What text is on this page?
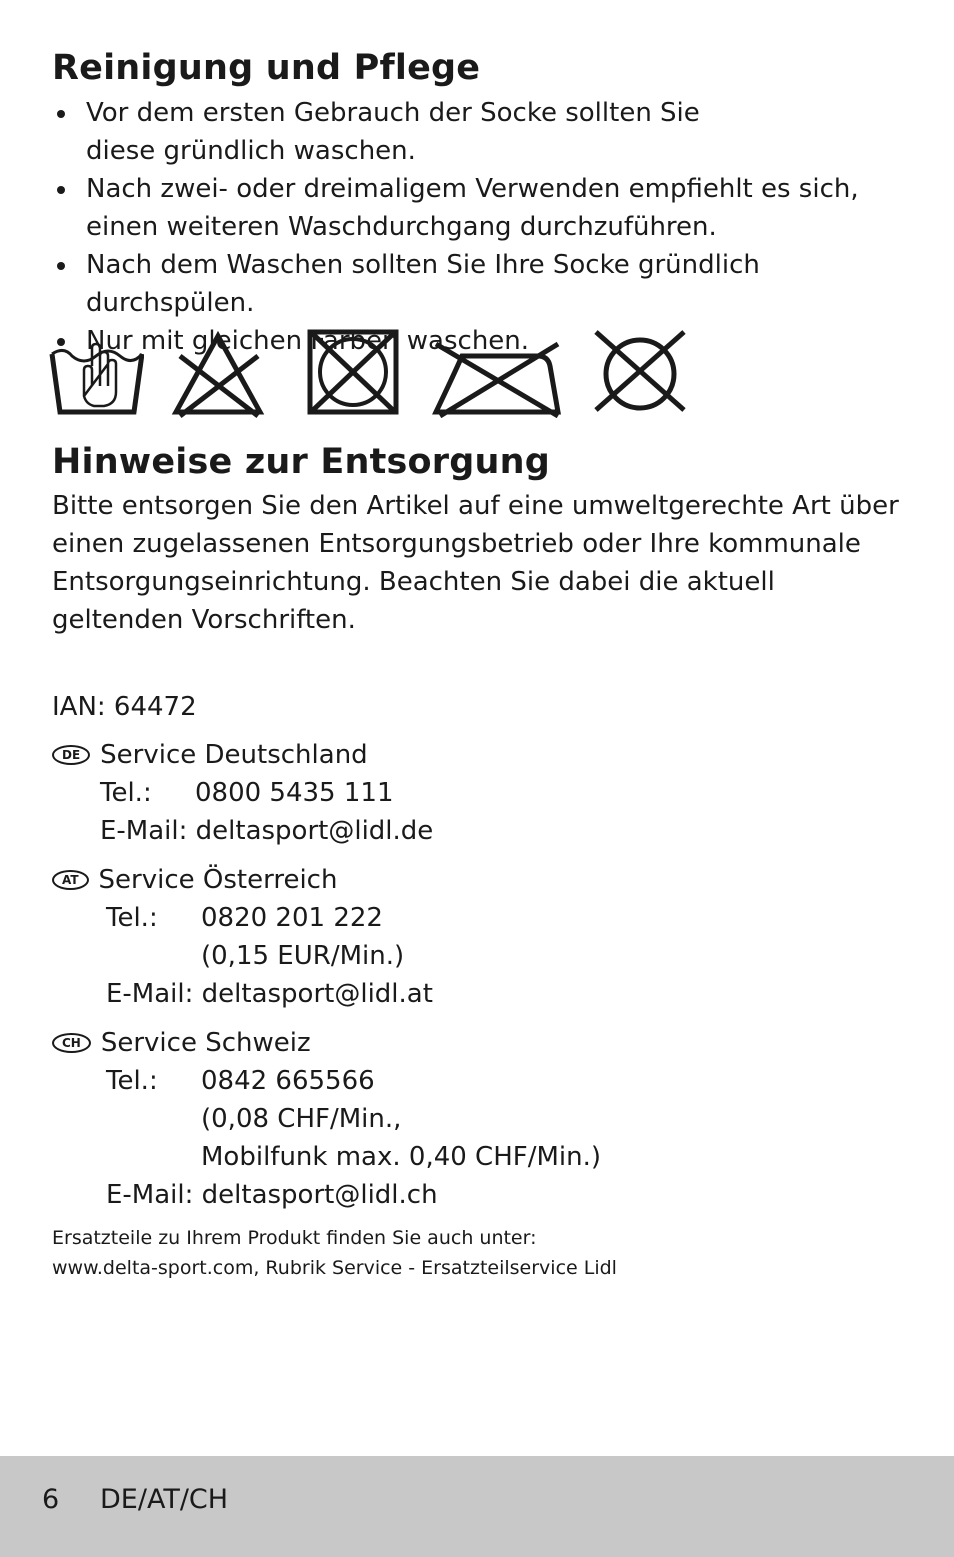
Reinigung und Pflege
Vor dem ersten Gebrauch der Socke sollten Sie diese gründlich waschen.
Nach zwei- oder dreimaligem Verwenden empfiehlt es sich, einen weiteren Waschdurchgang durchzuführen.
Nach dem Waschen sollten Sie Ihre Socke gründlich durchspülen.
Nur mit gleichen Farben waschen.
Hinweise zur Entsorgung

Bitte entsorgen Sie den Artikel auf eine umweltgerechte Art über einen zugelassenen Entsorgungsbetrieb oder Ihre kommunale Entsorgungseinrichtung. Beachten Sie dabei die aktuell geltenden Vorschriften.

IAN: 64472
DE Service Deutschland
Tel.: 0800 5435 111
E-Mail: deltasport@lidl.de
AT Service Österreich
Tel.: 0820 201 222
(0,15 EUR/Min.)
E-Mail: deltasport@lidl.at
CH Service Schweiz
Tel.: 0842 665566
(0,08 CHF/Min.,
Mobilfunk max. 0,40 CHF/Min.)
E-Mail: deltasport@lidl.ch
Ersatzteile zu Ihrem Produkt finden Sie auch unter:
www.delta-sport.com, Rubrik Service - Ersatzteilservice Lidl
6 DE/AT/CH
